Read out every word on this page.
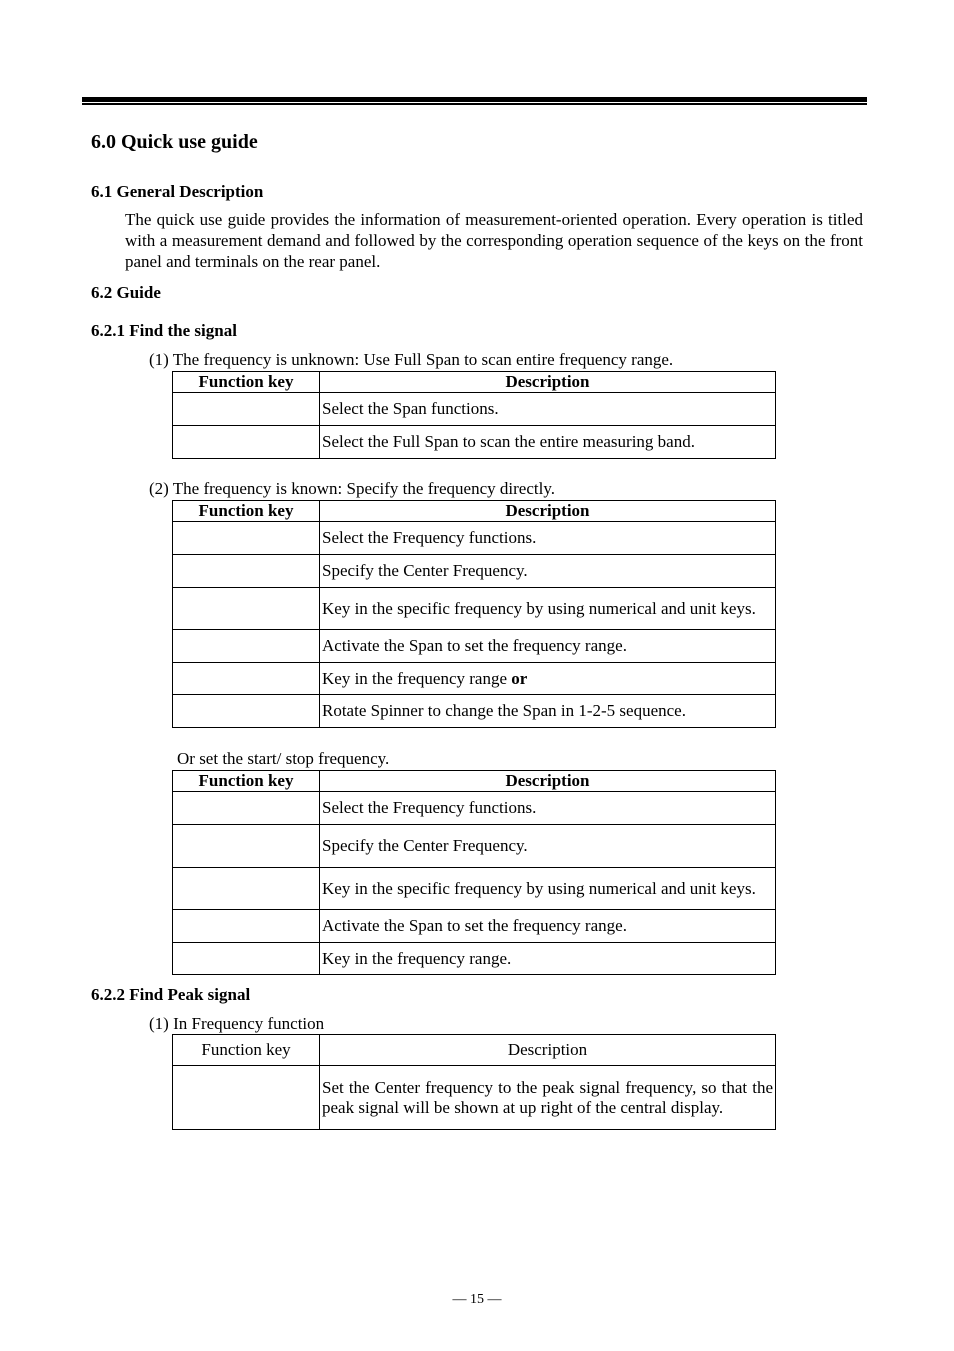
6.0 Quick use guide
6.1 General Description

The quick use guide provides the information of measurement-oriented operation. Every operation is titled with a measurement demand and followed by the corresponding operation sequence of the keys on the front panel and terminals on the rear panel.

6.2 Guide
6.2.1 Find the signal

(1) The frequency is unknown: Use Full Span to scan entire frequency range.

Function key	Description
	Select the Span functions.
	Select the Full Span to scan the entire measuring band.

(2) The frequency is known: Specify the frequency directly.

Function key	Description
	Select the Frequency functions.
	Specify the Center Frequency.
	Key in the specific frequency by using numerical and unit keys.
	Activate the Span to set the frequency range.
	Key in the frequency range or
	Rotate Spinner to change the Span in 1-2-5 sequence.

Or set the start/ stop frequency.

Function key	Description
	Select the Frequency functions.
	Specify the Center Frequency.
	Key in the specific frequency by using numerical and unit keys.
	Activate the Span to set the frequency range.
	Key in the frequency range.
6.2.2 Find Peak signal

(1) In Frequency function

Function key	Description
	Set the Center frequency to the peak signal frequency, so that the peak signal will be shown at up right of the central display.
— 15 —
